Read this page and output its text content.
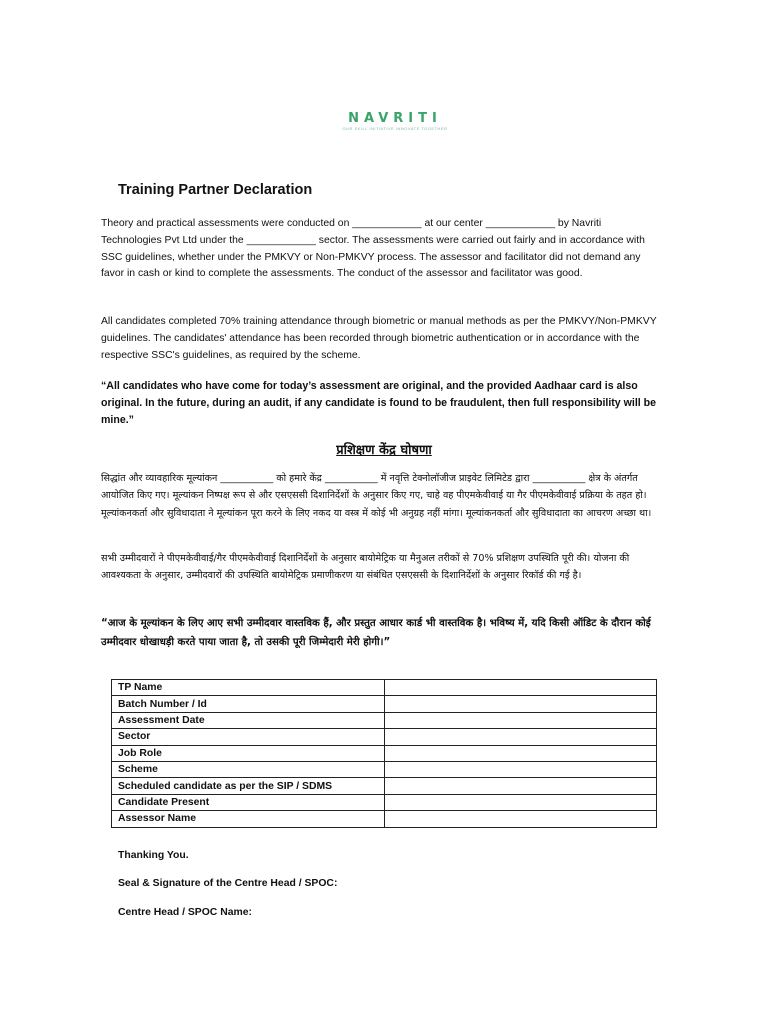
NAVRITI
OUR SKILL INITIATIVE INNOVATE TOGETHER
Training Partner Declaration

Theory and practical assessments were conducted on ____________ at our center ____________ by Navriti Technologies Pvt Ltd under the ____________ sector. The assessments were carried out fairly and in accordance with SSC guidelines, whether under the PMKVY or Non-PMKVY process. The assessor and facilitator did not demand any favor in cash or kind to complete the assessments. The conduct of the assessor and facilitator was good.

All candidates completed 70% training attendance through biometric or manual methods as per the PMKVY/Non-PMKVY guidelines. The candidates' attendance has been recorded through biometric authentication or in accordance with the respective SSC's guidelines, as required by the scheme.

“All candidates who have come for today’s assessment are original, and the provided Aadhaar card is also original. In the future, during an audit, if any candidate is found to be fraudulent, then full responsibility will be mine.”

प्रशिक्षण केंद्र घोषणा

सिद्धांत और व्यावहारिक मूल्यांकन ___________ को हमारे केंद्र ___________ में नवृत्ति टेक्नोलॉजीज प्राइवेट लिमिटेड द्वारा ___________ क्षेत्र के अंतर्गत आयोजित किए गए। मूल्यांकन निष्पक्ष रूप से और एसएससी दिशानिर्देशों के अनुसार किए गए, चाहे वह पीएमकेवीवाई या गैर पीएमकेवीवाई प्रक्रिया के तहत हो। मूल्यांकनकर्ता और सुविधादाता ने मूल्यांकन पूरा करने के लिए नकद या वस्त्र में कोई भी अनुग्रह नहीं मांगा। मूल्यांकनकर्ता और सुविधादाता का आचरण अच्छा था।

सभी उम्मीदवारों ने पीएमकेवीवाई/गैर पीएमकेवीवाई दिशानिर्देशों के अनुसार बायोमेट्रिक या मैनुअल तरीकों से 70% प्रशिक्षण उपस्थिति पूरी की। योजना की आवश्यकता के अनुसार, उम्मीदवारों की उपस्थिति बायोमेट्रिक प्रमाणीकरण या संबंधित एसएससी के दिशानिर्देशों के अनुसार रिकॉर्ड की गई है।

“आज के मूल्यांकन के लिए आए सभी उम्मीदवार वास्तविक हैं, और प्रस्तुत आधार कार्ड भी वास्तविक है। भविष्य में, यदि किसी ऑडिट के दौरान कोई उम्मीदवार धोखाधड़ी करते पाया जाता है, तो उसकी पूरी जिम्मेदारी मेरी होगी।”

TP Name	
Batch Number / Id	
Assessment Date	
Sector	
Job Role	
Scheme	
Scheduled candidate as per the SIP / SDMS	
Candidate Present	
Assessor Name	
Thanking You.
Seal & Signature of the Centre Head / SPOC:
Centre Head / SPOC Name:
